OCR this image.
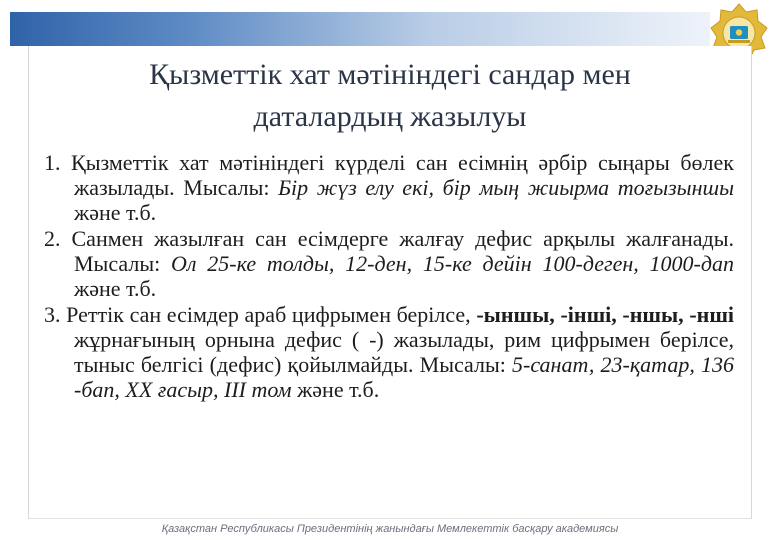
Қызметтік хат мәтініндегі сандар мен
даталардың жазылуы

1. Қызметтік хат мәтініндегі күрделі сан есімнің әрбір сыңары бөлек жазылады. Мысалы: Бір жүз елу екі, бір мың жиырма тоғызыншы және т.б.

2. Санмен жазылған сан есімдерге жалғау дефис арқылы жалғанады. Мысалы: Ол 25-ке толды, 12-ден, 15-ке дейін 100-деген, 1000-дап және т.б.

3. Реттік сан есімдер араб цифрымен берілсе, -ыншы, -інші, -ншы, -нші жұрнағының орнына дефис ( -) жазылады, рим цифрымен берілсе, тыныс белгісі (дефис) қойылмайды. Мысалы: 5-санат, 23-қатар, 136 -бап, XX ғасыр, III том және т.б.

Қазақстан Республикасы Президентінің жанындағы Мемлекеттік басқару академиясы
